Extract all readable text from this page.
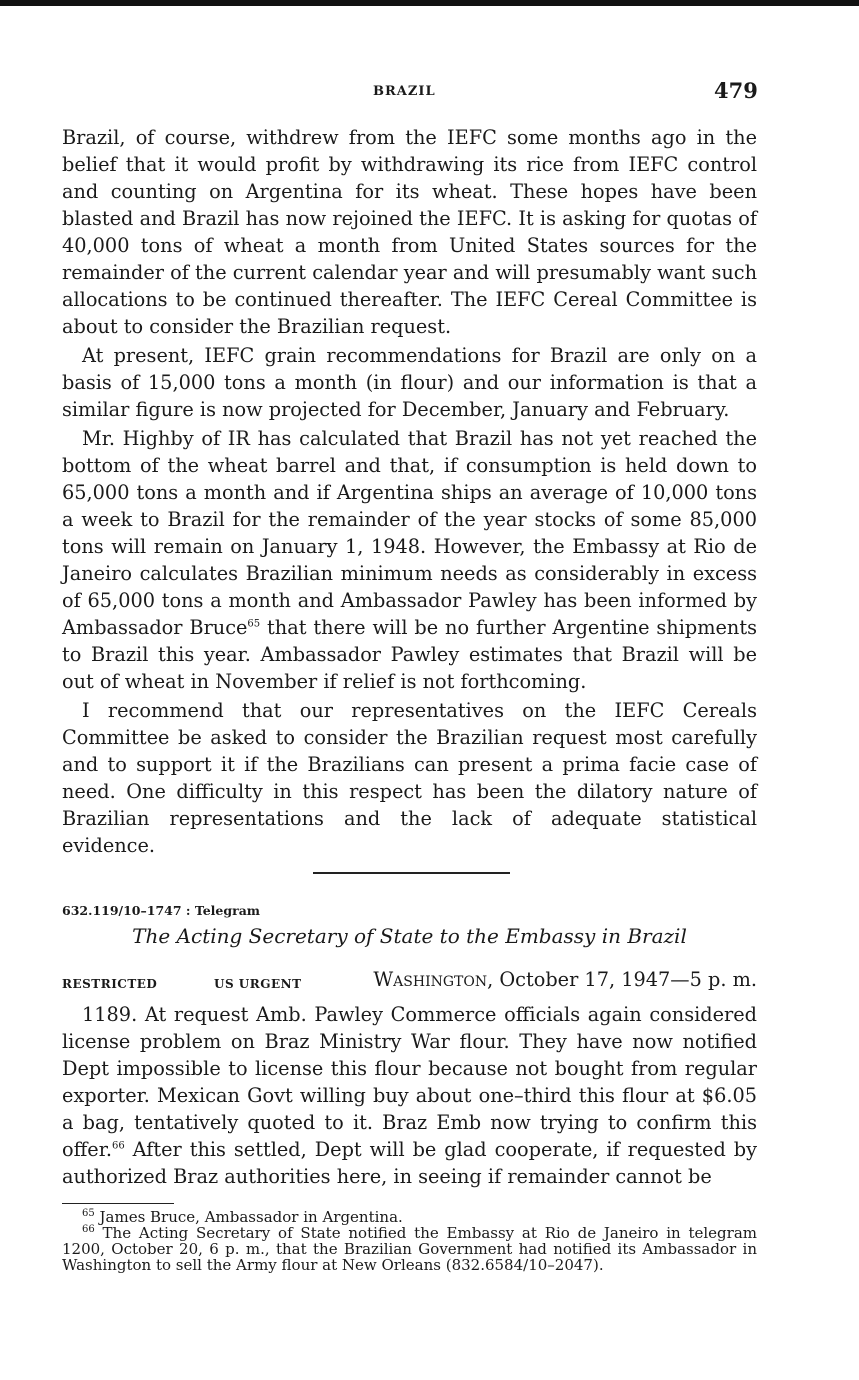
BRAZIL	479

Brazil, of course, withdrew from the IEFC some months ago in the belief that it would profit by withdrawing its rice from IEFC control and counting on Argentina for its wheat. These hopes have been blasted and Brazil has now rejoined the IEFC. It is asking for quotas of 40,000 tons of wheat a month from United States sources for the remainder of the current calendar year and will presumably want such allocations to be continued thereafter. The IEFC Cereal Committee is about to consider the Brazilian request.

At present, IEFC grain recommendations for Brazil are only on a basis of 15,000 tons a month (in flour) and our information is that a similar figure is now projected for December, January and February.

Mr. Highby of IR has calculated that Brazil has not yet reached the bottom of the wheat barrel and that, if consumption is held down to 65,000 tons a month and if Argentina ships an average of 10,000 tons a week to Brazil for the remainder of the year stocks of some 85,000 tons will remain on January 1, 1948. However, the Embassy at Rio de Janeiro calculates Brazilian minimum needs as considerably in excess of 65,000 tons a month and Ambassador Pawley has been informed by Ambassador Bruce$^{65}$ that there will be no further Argentine shipments to Brazil this year. Ambassador Pawley estimates that Brazil will be out of wheat in November if relief is not forthcoming.

I recommend that our representatives on the IEFC Cereals Committee be asked to consider the Brazilian request most carefully and to support it if the Brazilians can present a prima facie case of need. One difficulty in this respect has been the dilatory nature of Brazilian representations and the lack of adequate statistical evidence.

632.119/10–1747 : Telegram
The Acting Secretary of State to the Embassy in Brazil
RESTRICTED	US URGENT	Washington, October 17, 1947—5 p. m.

1189. At request Amb. Pawley Commerce officials again considered license problem on Braz Ministry War flour. They have now notified Dept impossible to license this flour because not bought from regular exporter. Mexican Govt willing buy about one–third this flour at $6.05 a bag, tentatively quoted to it. Braz Emb now trying to confirm this offer.$^{66}$ After this settled, Dept will be glad cooperate, if requested by authorized Braz authorities here, in seeing if remainder cannot be

$^{65}$ James Bruce, Ambassador in Argentina.

$^{66}$ The Acting Secretary of State notified the Embassy at Rio de Janeiro in telegram 1200, October 20, 6 p. m., that the Brazilian Government had notified its Ambassador in Washington to sell the Army flour at New Orleans (832.6584/10–2047).
